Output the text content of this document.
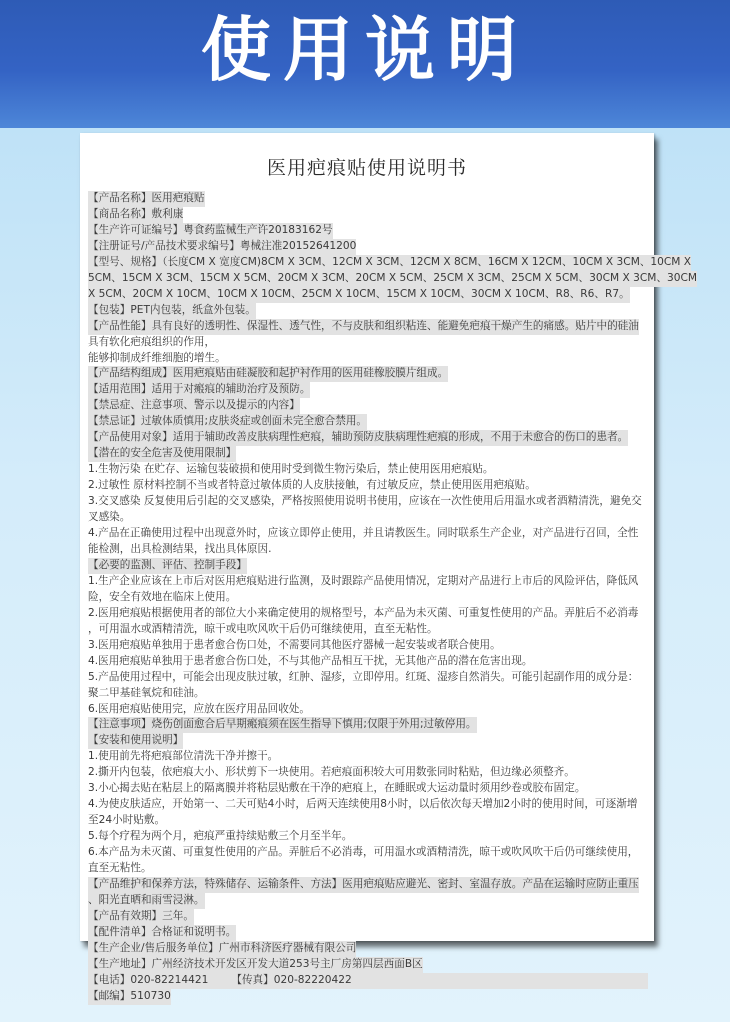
使用说明
医用疤痕贴使用说明书
【产品名称】医用疤痕贴
【商品名称】敷利康
【生产许可证编号】粤食药监械生产许20183162号
【注册证号/产品技术要求编号】粤械注准20152641200
【型号、规格】（长度CM X 宽度CM)8CM X 3CM、12CM X 3CM、12CM X 8CM、16CM X 12CM、10CM X 3CM、10CM X
5CM、15CM X 3CM、15CM X 5CM、20CM X 3CM、20CM X 5CM、25CM X 3CM、25CM X 5CM、30CM X 3CM、30CM
X 5CM、20CM X 10CM、10CM X 10CM、25CM X 10CM、15CM X 10CM、30CM X 10CM、R8、R6、R7。
【包装】PET内包装，纸盒外包装。
【产品性能】具有良好的透明性、保湿性、透气性，不与皮肤和组织粘连、能避免疤痕干燥产生的痛感。贴片中的硅油
具有软化疤痕组织的作用，
能够抑制成纤维细胞的增生。
【产品结构组成】医用疤痕贴由硅凝胶和起护衬作用的医用硅橡胶膜片组成。
【适用范围】适用于对瘢痕的辅助治疗及预防。
【禁忌症、注意事项、警示以及提示的内容】
【禁忌证】过敏体质慎用;皮肤炎症或创面未完全愈合禁用。
【产品使用对象】适用于辅助改善皮肤病理性疤痕，辅助预防皮肤病理性疤痕的形成，不用于未愈合的伤口的患者。
【潜在的安全危害及使用限制】
1.生物污染 在贮存、运输包装破损和使用时受到微生物污染后，禁止使用医用疤痕贴。
2.过敏性 原材料控制不当或者特意过敏体质的人皮肤接触，有过敏反应，禁止使用医用疤痕贴。
3.交叉感染 反复使用后引起的交叉感染，严格按照使用说明书使用，应该在一次性使用后用温水或者酒精清洗，避免交
叉感染。
4.产品在正确使用过程中出现意外时，应该立即停止使用，并且请教医生。同时联系生产企业，对产品进行召回，全性
能检测，出具检测结果，找出具体原因.
【必要的监测、评估、控制手段】
1.生产企业应该在上市后对医用疤痕贴进行监测，及时跟踪产品使用情况，定期对产品进行上市后的风险评估，降低风
险，安全有效地在临床上使用。
2.医用疤痕贴根据使用者的部位大小来确定使用的规格型号，本产品为未灭菌、可重复性使用的产品。弄脏后不必消毒
，可用温水或酒精清洗，晾干或电吹风吹干后仍可继续使用，直至无粘性。
3.医用疤痕贴单独用于患者愈合伤口处，不需要同其他医疗器械一起安装或者联合使用。
4.医用疤痕贴单独用于患者愈合伤口处，不与其他产品相互干扰，无其他产品的潜在危害出现。
5.产品使用过程中，可能会出现皮肤过敏，红肿、湿疹，立即停用。红斑、湿疹自然消失。可能引起副作用的成分是：
聚二甲基硅氧烷和硅油。
6.医用疤痕贴使用完，应放在医疗用品回收处。
【注意事项】烧伤创面愈合后早期瘢痕须在医生指导下慎用;仅限于外用;过敏停用。
【安装和使用说明】
1.使用前先将疤痕部位清洗干净并擦干。
2.撕开内包装，依疤痕大小、形状剪下一块使用。若疤痕面积较大可用数张同时粘贴，但边缘必须整齐。
3.小心揭去贴在粘层上的隔离膜并将粘层贴敷在干净的疤痕上，在睡眠或大运动量时须用纱卷或胶布固定。
4.为使皮肤适应，开始第一、二天可贴4小时，后两天连续使用8小时，以后依次每天增加2小时的使用时间，可逐渐增
至24小时贴敷。
5.每个疗程为两个月，疤痕严重持续贴敷三个月至半年。
6.本产品为未灭菌、可重复性使用的产品。弄脏后不必消毒，可用温水或酒精清洗，晾干或吹风吹干后仍可继续使用，
直至无粘性。
【产品维护和保养方法，特殊储存、运输条件、方法】医用疤痕贴应避光、密封、室温存放。产品在运输时应防止重压
、阳光直晒和雨雪浸淋。
【产品有效期】三年。
【配件清单】合格证和说明书。
【生产企业/售后服务单位】广州市科济医疗器械有限公司
【生产地址】广州经济技术开发区开发大道253号主厂房第四层西面B区
【电话】020-82214421 【传真】020-82220422
【邮编】510730
